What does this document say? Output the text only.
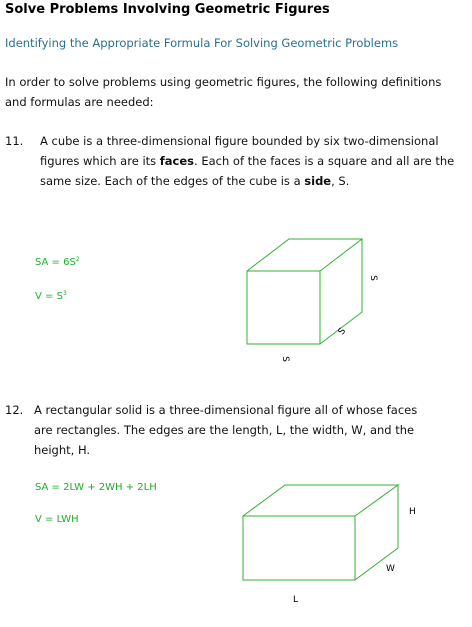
Solve Problems Involving Geometric Figures
Identifying the Appropriate Formula For Solving Geometric Problems
In order to solve problems using geometric figures, the following definitions and formulas are needed:
11. A cube is a three-dimensional figure bounded by six two-dimensional figures which are its faces. Each of the faces is a square and all are the same size. Each of the edges of the cube is a side, S.
SA = $6S^2$
$V = S^3$
12. A rectangular solid is a three-dimensional figure all of whose faces are rectangles. The edges are the length, L, the width, W, and the height, H.
SA = 2LW + 2WH + 2LH
V = LWH
S
S
S
H
W
L
